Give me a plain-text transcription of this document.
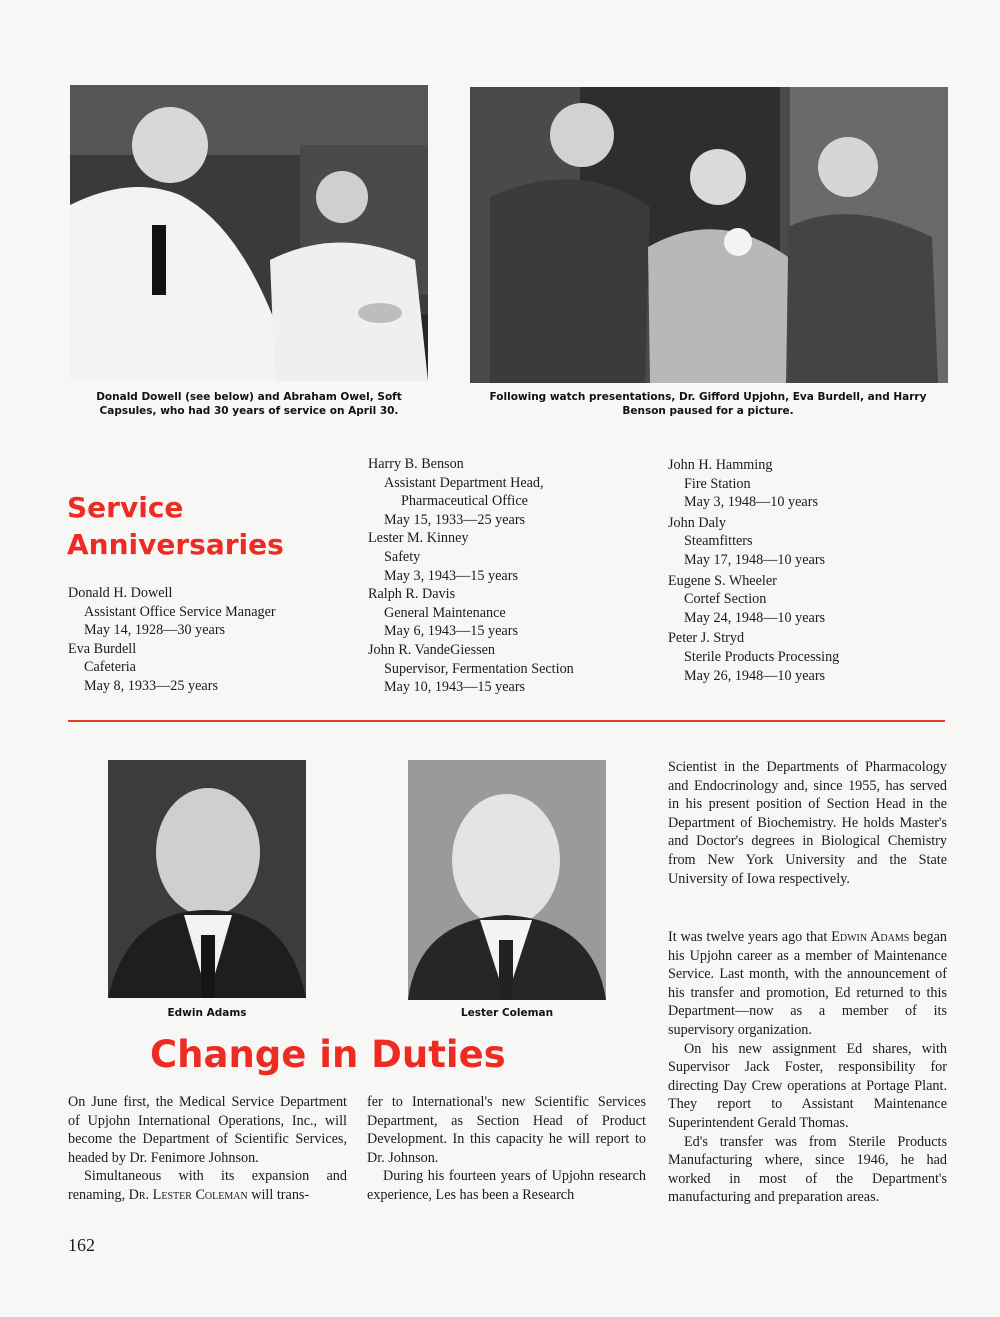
Donald Dowell (see below) and Abraham Owel, Soft Capsules, who had 30 years of service on April 30.
Following watch presentations, Dr. Gifford Upjohn, Eva Burdell, and Harry Benson paused for a picture.
Service
Anniversaries
Donald H. Dowell
Assistant Office Service Manager
May 14, 1928—30 years
Eva Burdell
Cafeteria
May 8, 1933—25 years
Harry B. Benson
Assistant Department Head,
Pharmaceutical Office
May 15, 1933—25 years
Lester M. Kinney
Safety
May 3, 1943—15 years
Ralph R. Davis
General Maintenance
May 6, 1943—15 years
John R. VandeGiessen
Supervisor, Fermentation Section
May 10, 1943—15 years
John H. Hamming
Fire Station
May 3, 1948—10 years
John Daly
Steamfitters
May 17, 1948—10 years
Eugene S. Wheeler
Cortef Section
May 24, 1948—10 years
Peter J. Stryd
Sterile Products Processing
May 26, 1948—10 years
Edwin Adams	Lester Coleman
Change in Duties

On June first, the Medical Service Department of Upjohn International Operations, Inc., will become the Department of Scientific Services, headed by Dr. Fenimore Johnson.

Simultaneous with its expansion and renaming, Dr. Lester Coleman will trans-

fer to International's new Scientific Services Department, as Section Head of Product Development. In this capacity he will report to Dr. Johnson.

During his fourteen years of Upjohn research experience, Les has been a Research

Scientist in the Departments of Pharmacology and Endocrinology and, since 1955, has served in his present position of Section Head in the Department of Biochemistry. He holds Master's and Doctor's degrees in Biological Chemistry from New York University and the State University of Iowa respectively.

It was twelve years ago that Edwin Adams began his Upjohn career as a member of Maintenance Service. Last month, with the announcement of his transfer and promotion, Ed returned to this Department—now as a member of its supervisory organization.

On his new assignment Ed shares, with Supervisor Jack Foster, responsibility for directing Day Crew operations at Portage Plant. They report to Assistant Maintenance Superintendent Gerald Thomas.

Ed's transfer was from Sterile Products Manufacturing where, since 1946, he had worked in most of the Department's manufacturing and preparation areas.

162
